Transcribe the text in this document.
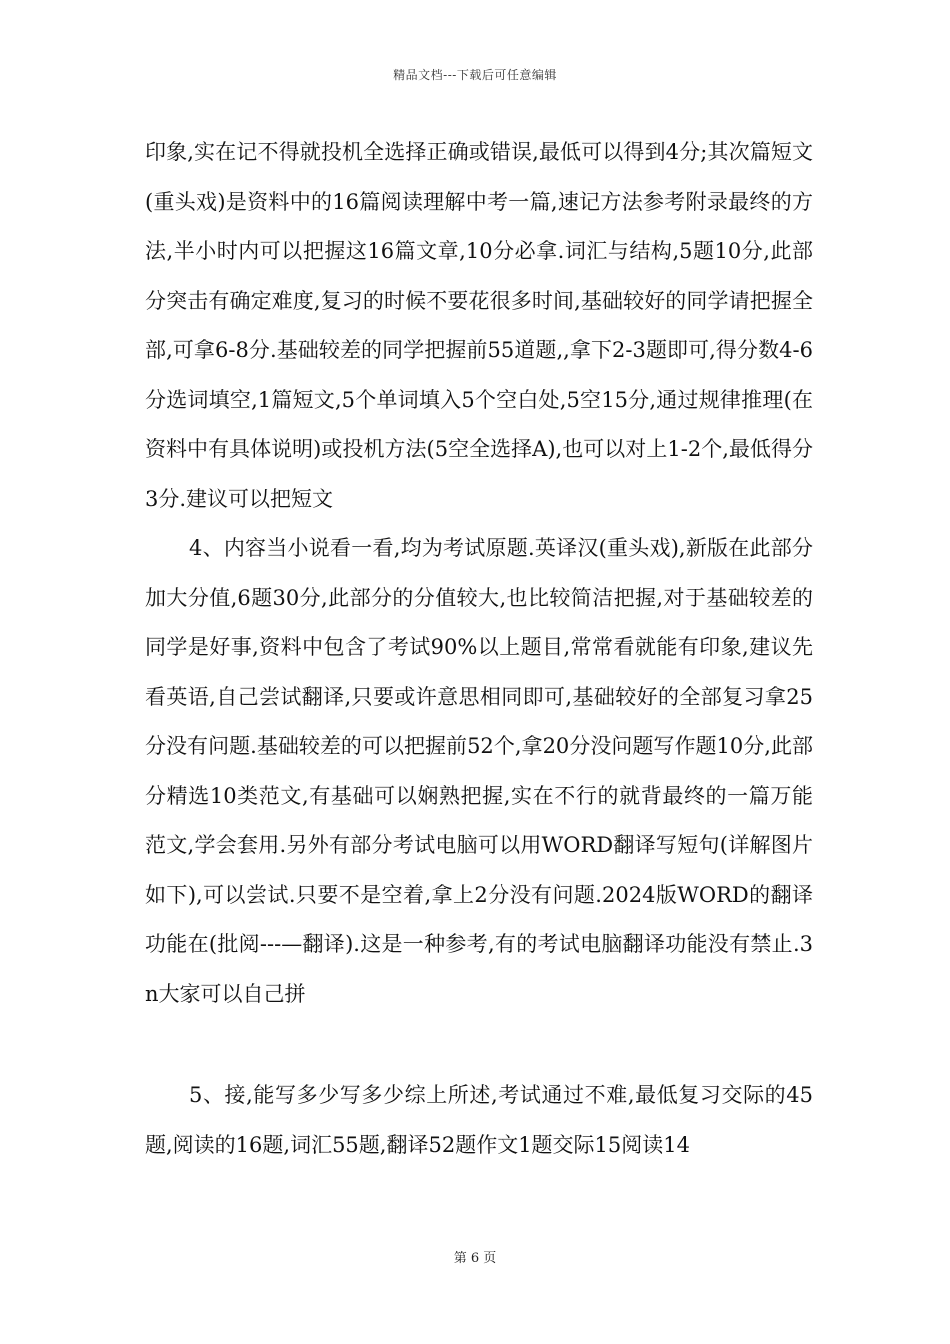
精品文档---下载后可任意编辑

印象,实在记不得就投机全选择正确或错误,最低可以得到4分;其次篇短文(重头戏)是资料中的16篇阅读理解中考一篇,速记方法参考附录最终的方法,半小时内可以把握这16篇文章,10分必拿.词汇与结构,5题10分,此部分突击有确定难度,复习的时候不要花很多时间,基础较好的同学请把握全部,可拿6-8分.基础较差的同学把握前55道题,,拿下2-3题即可,得分数4-6分选词填空,1篇短文,5个单词填入5个空白处,5空15分,通过规律推理(在资料中有具体说明)或投机方法(5空全选择A),也可以对上1-2个,最低得分3分.建议可以把短文

4、内容当小说看一看,均为考试原题.英译汉(重头戏),新版在此部分加大分值,6题30分,此部分的分值较大,也比较简洁把握,对于基础较差的同学是好事,资料中包含了考试90%以上题目,常常看就能有印象,建议先看英语,自己尝试翻译,只要或许意思相同即可,基础较好的全部复习拿25分没有问题.基础较差的可以把握前52个,拿20分没问题写作题10分,此部分精选10类范文,有基础可以娴熟把握,实在不行的就背最终的一篇万能范文,学会套用.另外有部分考试电脑可以用WORD翻译写短句(详解图片如下),可以尝试.只要不是空着,拿上2分没有问题.2024版WORD的翻译功能在(批阅---—翻译).这是一种参考,有的考试电脑翻译功能没有禁止.3n大家可以自己拼

5、接,能写多少写多少综上所述,考试通过不难,最低复习交际的45题,阅读的16题,词汇55题,翻译52题作文1题交际15阅读14

第 6 页
